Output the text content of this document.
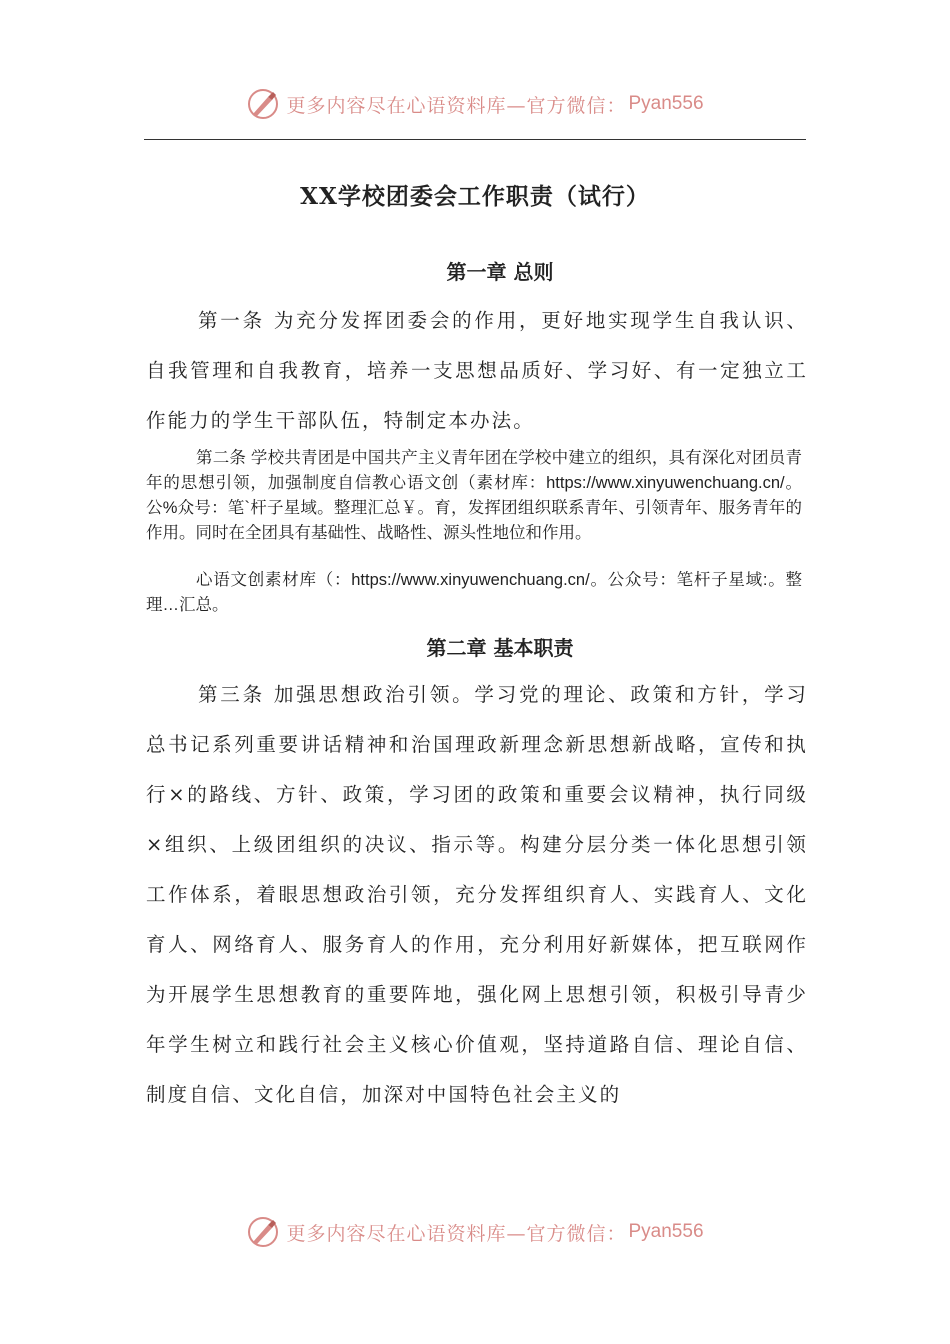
更多内容尽在心语资料库—官方微信： Pyan556
XX学校团委会工作职责（试行）
第一章 总则

第一条 为充分发挥团委会的作用，更好地实现学生自我认识、自我管理和自我教育，培养一支思想品质好、学习好、有一定独立工作能力的学生干部队伍，特制定本办法。

第二条 学校共青团是中国共产主义青年团在学校中建立的组织，具有深化对团员青年的思想引领，加强制度自信教心语文创（素材库：https://www.xinyuwenchuang.cn/。公%众号：笔`杆子星域。整理汇总￥。育，发挥团组织联系青年、引领青年、服务青年的作用。同时在全团具有基础性、战略性、源头性地位和作用。

心语文创素材库（：https://www.xinyuwenchuang.cn/。公众号：笔杆子星域:。整理…汇总。

第二章 基本职责

第三条 加强思想政治引领。学习党的理论、政策和方针，学习总书记系列重要讲话精神和治国理政新理念新思想新战略，宣传和执行×的路线、方针、政策，学习团的政策和重要会议精神，执行同级×组织、上级团组织的决议、指示等。构建分层分类一体化思想引领工作体系，着眼思想政治引领，充分发挥组织育人、实践育人、文化育人、网络育人、服务育人的作用，充分利用好新媒体，把互联网作为开展学生思想教育的重要阵地，强化网上思想引领，积极引导青少年学生树立和践行社会主义核心价值观，坚持道路自信、理论自信、制度自信、文化自信，加深对中国特色社会主义的

更多内容尽在心语资料库—官方微信： Pyan556
